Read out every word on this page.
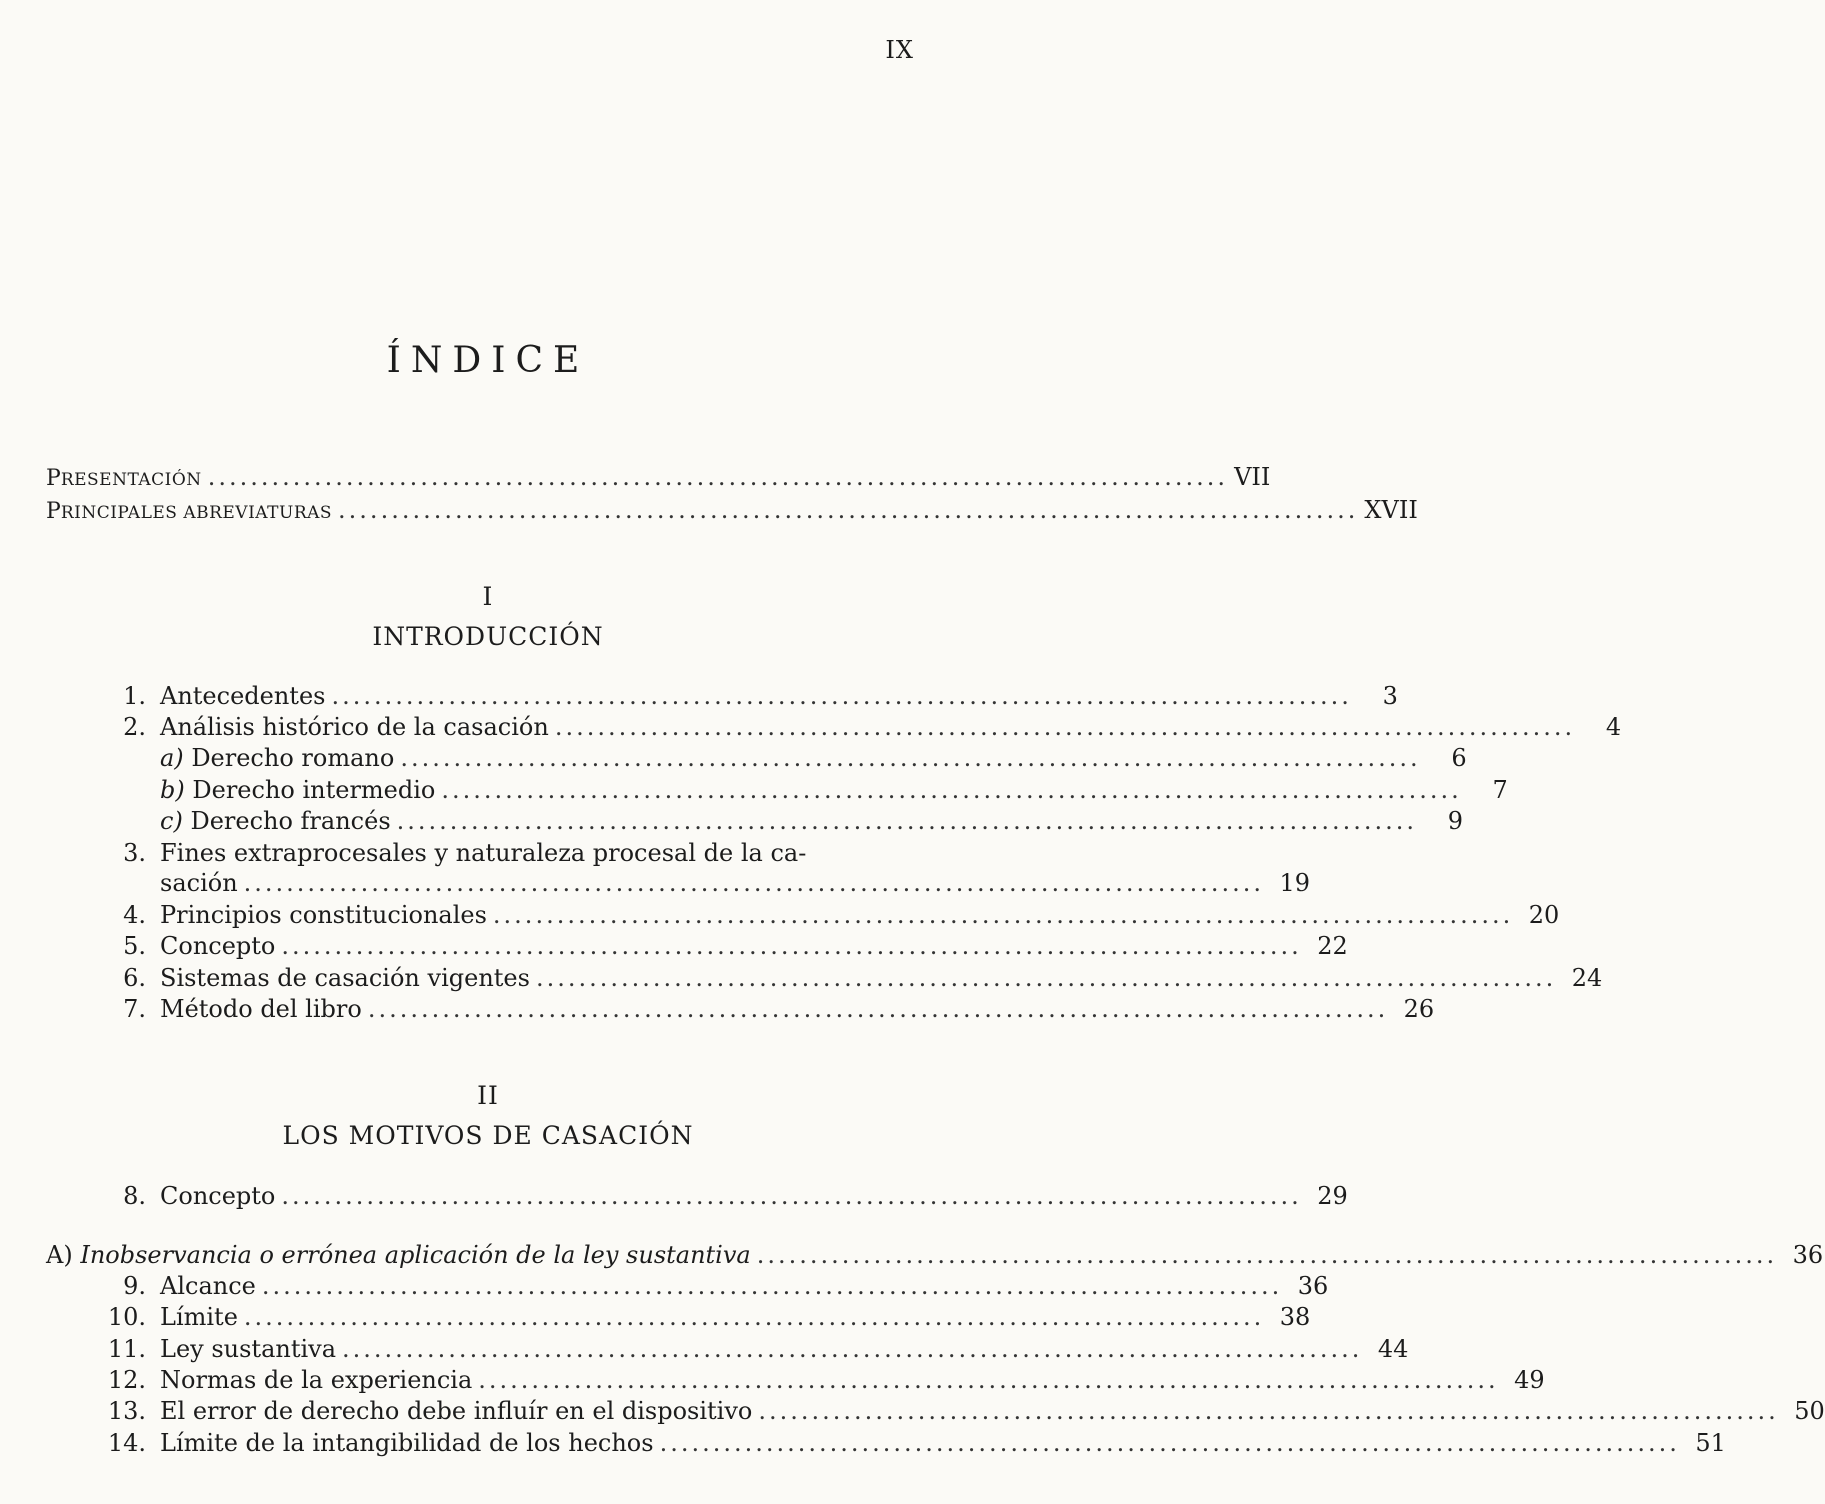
IX
ÍNDICE
PRESENTACIÓN ................................................................................................ VII
PRINCIPALES ABREVIATURAS ................................................................................................ XVII
I
INTRODUCCIÓN
1. Antecedentes ................................................................................................	3
2. Análisis histórico de la casación ................................................................................................	4
a) Derecho romano ................................................................................................	6
b) Derecho intermedio ................................................................................................	7
c) Derecho francés ................................................................................................	9
3. Fines extraprocesales y naturaleza procesal de la ca-
sación ................................................................................................ 19
4. Principios constitucionales ................................................................................................ 20
5. Concepto ................................................................................................ 22
6. Sistemas de casación vigentes ................................................................................................ 24
7. Método del libro ................................................................................................ 26
II
LOS MOTIVOS DE CASACIÓN
8. Concepto ................................................................................................ 29
A) Inobservancia o errónea aplicación de la ley sustantiva ................................................................................................ 36
9. Alcance ................................................................................................ 36
10. Límite ................................................................................................ 38
11. Ley sustantiva ................................................................................................ 44
12. Normas de la experiencia ................................................................................................ 49
13. El error de derecho debe influír en el dispositivo ................................................................................................ 50
14. Límite de la intangibilidad de los hechos ................................................................................................ 51
